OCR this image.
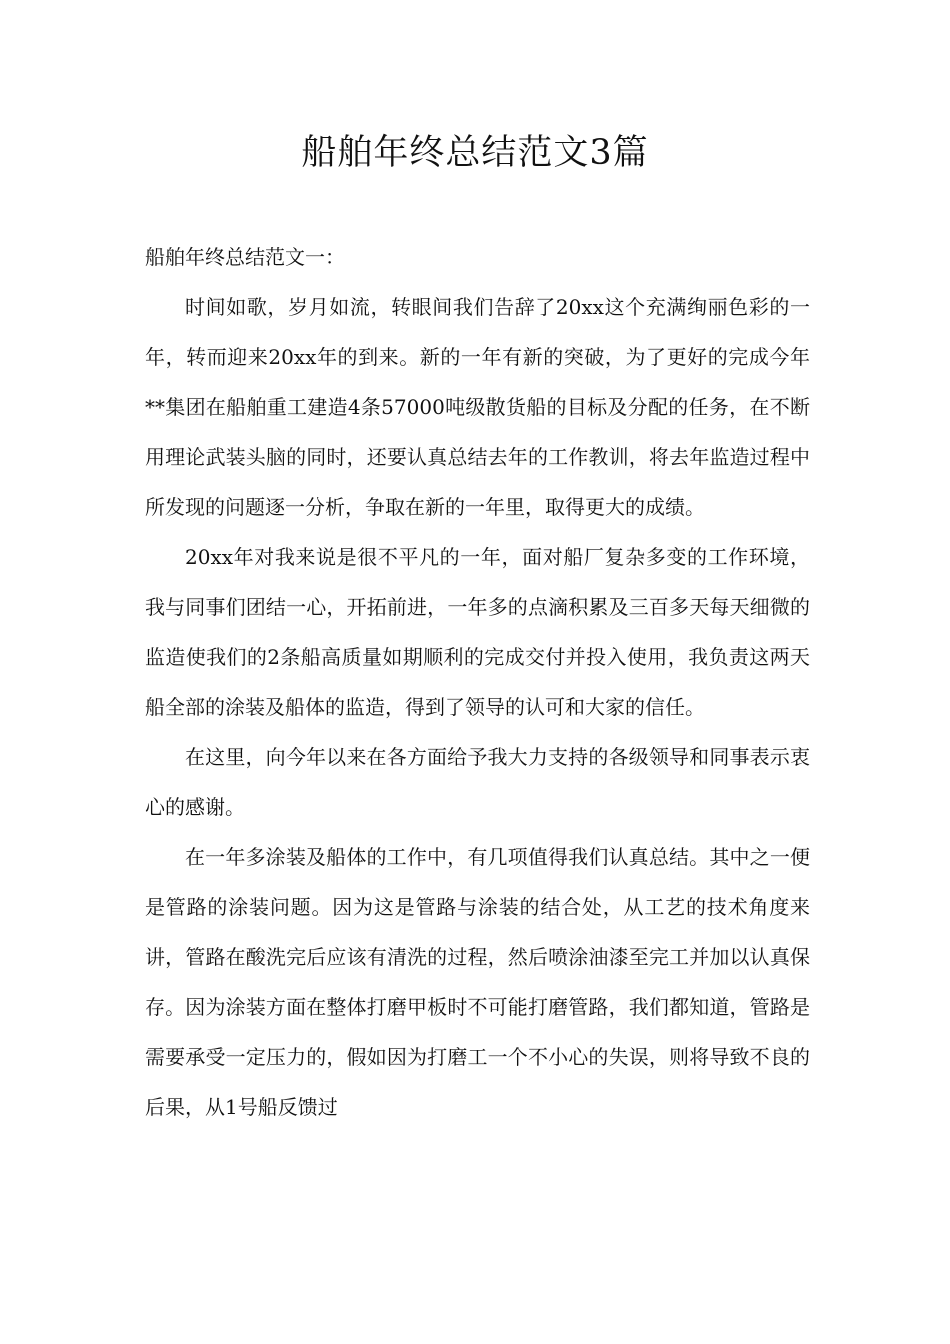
船舶年终总结范文3篇

船舶年终总结范文一：

时间如歌，岁月如流，转眼间我们告辞了20xx这个充满绚丽色彩的一年，转而迎来20xx年的到来。新的一年有新的突破，为了更好的完成今年**集团在船舶重工建造4条57000吨级散货船的目标及分配的任务，在不断用理论武装头脑的同时，还要认真总结去年的工作教训，将去年监造过程中所发现的问题逐一分析，争取在新的一年里，取得更大的成绩。

20xx年对我来说是很不平凡的一年，面对船厂复杂多变的工作环境，我与同事们团结一心，开拓前进，一年多的点滴积累及三百多天每天细微的监造使我们的2条船高质量如期顺利的完成交付并投入使用，我负责这两天船全部的涂装及船体的监造，得到了领导的认可和大家的信任。

在这里，向今年以来在各方面给予我大力支持的各级领导和同事表示衷心的感谢。

在一年多涂装及船体的工作中，有几项值得我们认真总结。其中之一便是管路的涂装问题。因为这是管路与涂装的结合处，从工艺的技术角度来讲，管路在酸洗完后应该有清洗的过程，然后喷涂油漆至完工并加以认真保存。因为涂装方面在整体打磨甲板时不可能打磨管路，我们都知道，管路是需要承受一定压力的，假如因为打磨工一个不小心的失误，则将导致不良的后果，从1号船反馈过
